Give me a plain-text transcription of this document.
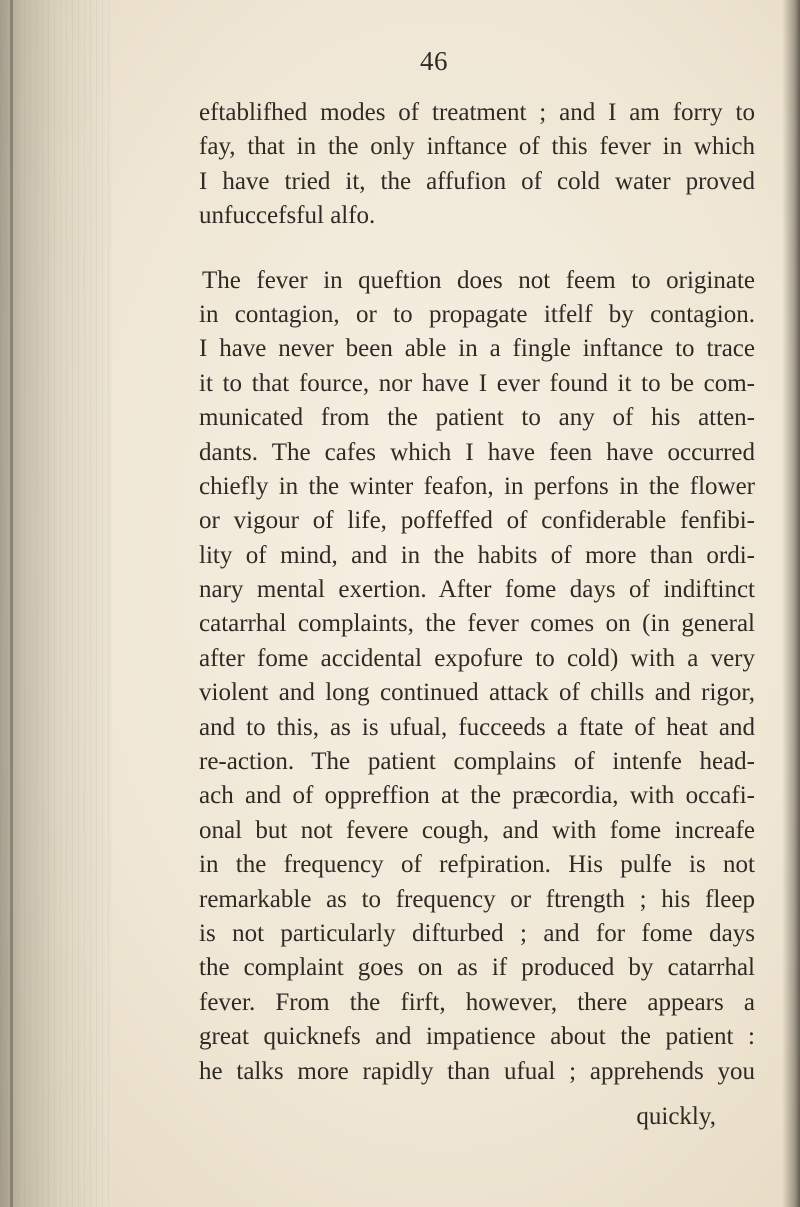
46
eftablifhed modes of treatment ; and I am forry to
fay, that in the only inftance of this fever in which
I have tried it, the affufion of cold water proved
unfuccefsful alfo.
The fever in queftion does not feem to originate
in contagion, or to propagate itfelf by contagion.
I have never been able in a fingle inftance to trace
it to that fource, nor have I ever found it to be com-
municated from the patient to any of his atten-
dants. The cafes which I have feen have occurred
chiefly in the winter feafon, in perfons in the flower
or vigour of life, poffeffed of confiderable fenfibi-
lity of mind, and in the habits of more than ordi-
nary mental exertion. After fome days of indiftinct
catarrhal complaints, the fever comes on (in general
after fome accidental expofure to cold) with a very
violent and long continued attack of chills and rigor,
and to this, as is ufual, fucceeds a ftate of heat and
re-action. The patient complains of intenfe head-
ach and of oppreffion at the præcordia, with occafi-
onal but not fevere cough, and with fome increafe
in the frequency of refpiration. His pulfe is not
remarkable as to frequency or ftrength ; his fleep
is not particularly difturbed ; and for fome days
the complaint goes on as if produced by catarrhal
fever. From the firft, however, there appears a
great quicknefs and impatience about the patient :
he talks more rapidly than ufual ; apprehends you
quickly,
